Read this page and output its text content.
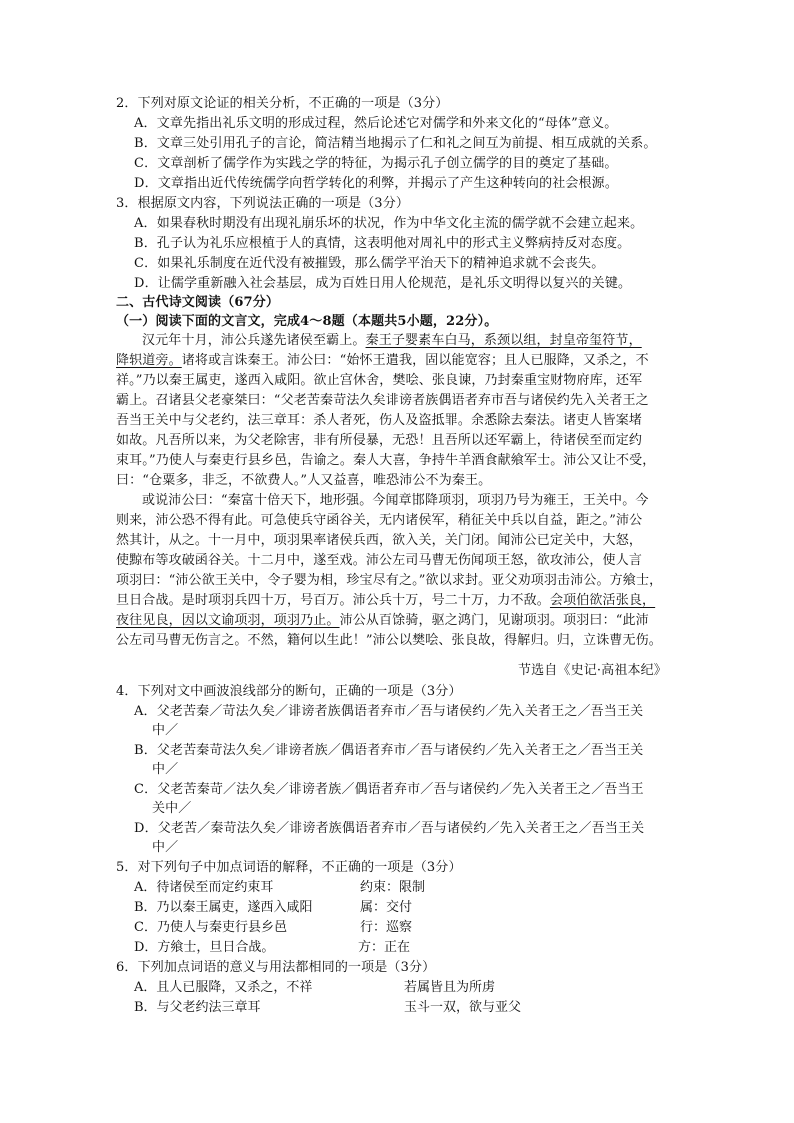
2．下列对原文论证的相关分析，不正确的一项是（3分）
A．文章先指出礼乐文明的形成过程，然后论述它对儒学和外来文化的“母体”意义。
B．文章三处引用孔子的言论，简洁精当地揭示了仁和礼之间互为前提、相互成就的关系。
C．文章剖析了儒学作为实践之学的特征，为揭示孔子创立儒学的目的奠定了基础。
D．文章指出近代传统儒学向哲学转化的利弊，并揭示了产生这种转向的社会根源。
3．根据原文内容，下列说法正确的一项是（3分）
A．如果春秋时期没有出现礼崩乐坏的状况，作为中华文化主流的儒学就不会建立起来。
B．孔子认为礼乐应根植于人的真情，这表明他对周礼中的形式主义弊病持反对态度。
C．如果礼乐制度在近代没有被摧毁，那么儒学平治天下的精神追求就不会丧失。
D．让儒学重新融入社会基层，成为百姓日用人伦规范，是礼乐文明得以复兴的关键。
二、古代诗文阅读（67分）
（一）阅读下面的文言文，完成4～8题（本题共5小题，22分）。
汉元年十月，沛公兵遂先诸侯至霸上。秦王子婴素车白马，系颈以组，封皇帝玺符节，
降轵道旁。诸将或言诛秦王。沛公曰：“始怀王遣我，固以能宽容；且人已服降，又杀之，不
祥。”乃以秦王属吏，遂西入咸阳。欲止宫休舍，樊哙、张良谏，乃封秦重宝财物府库，还军
霸上。召诸县父老豪桀曰：“父老苦秦苛法久矣诽谤者族偶语者弃市吾与诸侯约先入关者王之
吾当王关中与父老约，法三章耳：杀人者死，伤人及盗抵罪。余悉除去秦法。诸吏人皆案堵
如故。凡吾所以来，为父老除害，非有所侵暴，无恐！且吾所以还军霸上，待诸侯至而定约
束耳。”乃使人与秦吏行县乡邑，告谕之。秦人大喜，争持牛羊酒食献飨军士。沛公又让不受，
曰：“仓粟多，非乏，不欲费人。”人又益喜，唯恐沛公不为秦王。
或说沛公曰：“秦富十倍天下，地形强。今闻章邯降项羽，项羽乃号为雍王，王关中。今
则来，沛公恐不得有此。可急使兵守函谷关，无内诸侯军，稍征关中兵以自益，距之。”沛公
然其计，从之。十一月中，项羽果率诸侯兵西，欲入关，关门闭。闻沛公已定关中，大怒，
使黥布等攻破函谷关。十二月中，遂至戏。沛公左司马曹无伤闻项王怒，欲攻沛公，使人言
项羽曰：“沛公欲王关中，令子婴为相，珍宝尽有之。”欲以求封。亚父劝项羽击沛公。方飨士，
旦日合战。是时项羽兵四十万，号百万。沛公兵十万，号二十万，力不敌。会项伯欲活张良，
夜往见良，因以文谕项羽，项羽乃止。沛公从百馀骑，驱之鸿门，见谢项羽。项羽曰：“此沛
公左司马曹无伤言之。不然，籍何以生此！”沛公以樊哙、张良故，得解归。归，立诛曹无伤。
节选自《史记·高祖本纪》
4．下列对文中画波浪线部分的断句，正确的一项是（3分）
A．父老苦秦／苛法久矣／诽谤者族偶语者弃市／吾与诸侯约／先入关者王之／吾当王关
中／
B．父老苦秦苛法久矣／诽谤者族／偶语者弃市／吾与诸侯约／先入关者王之／吾当王关
中／
C．父老苦秦苛／法久矣／诽谤者族／偶语者弃市／吾与诸侯约／先入关者王之／吾当王
关中／
D．父老苦／秦苛法久矣／诽谤者族偶语者弃市／吾与诸侯约／先入关者王之／吾当王关
中／
5．对下列句子中加点词语的解释，不正确的一项是（3分）
A．待诸侯至而定约束耳	约束：限制
B．乃以秦王属吏，遂西入咸阳	属：交付
C．乃使人与秦吏行县乡邑	行：巡察
D．方飨士，旦日合战。	方：正在
6．下列加点词语的意义与用法都相同的一项是（3分）
A．且人已服降，又杀之，不祥	若属皆且为所虏
B．与父老约法三章耳	玉斗一双，欲与亚父
